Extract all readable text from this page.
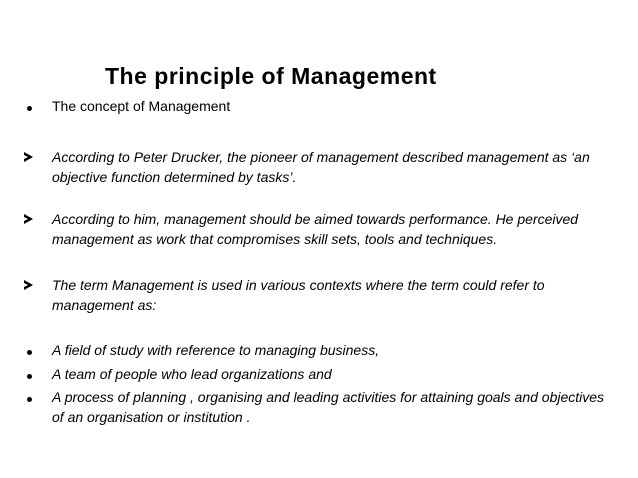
The principle of Management
The concept of Management
According to Peter Drucker, the pioneer of management described management as ‘an objective function determined by tasks’.
According to him, management should be aimed towards performance. He perceived management as work that compromises skill sets, tools and techniques.
The term Management is used in various contexts where the term could refer to management as:
A field of study with reference to managing business,
A team of people who lead organizations and
A process of planning , organising and leading activities for attaining goals and objectives of an organisation or institution .
